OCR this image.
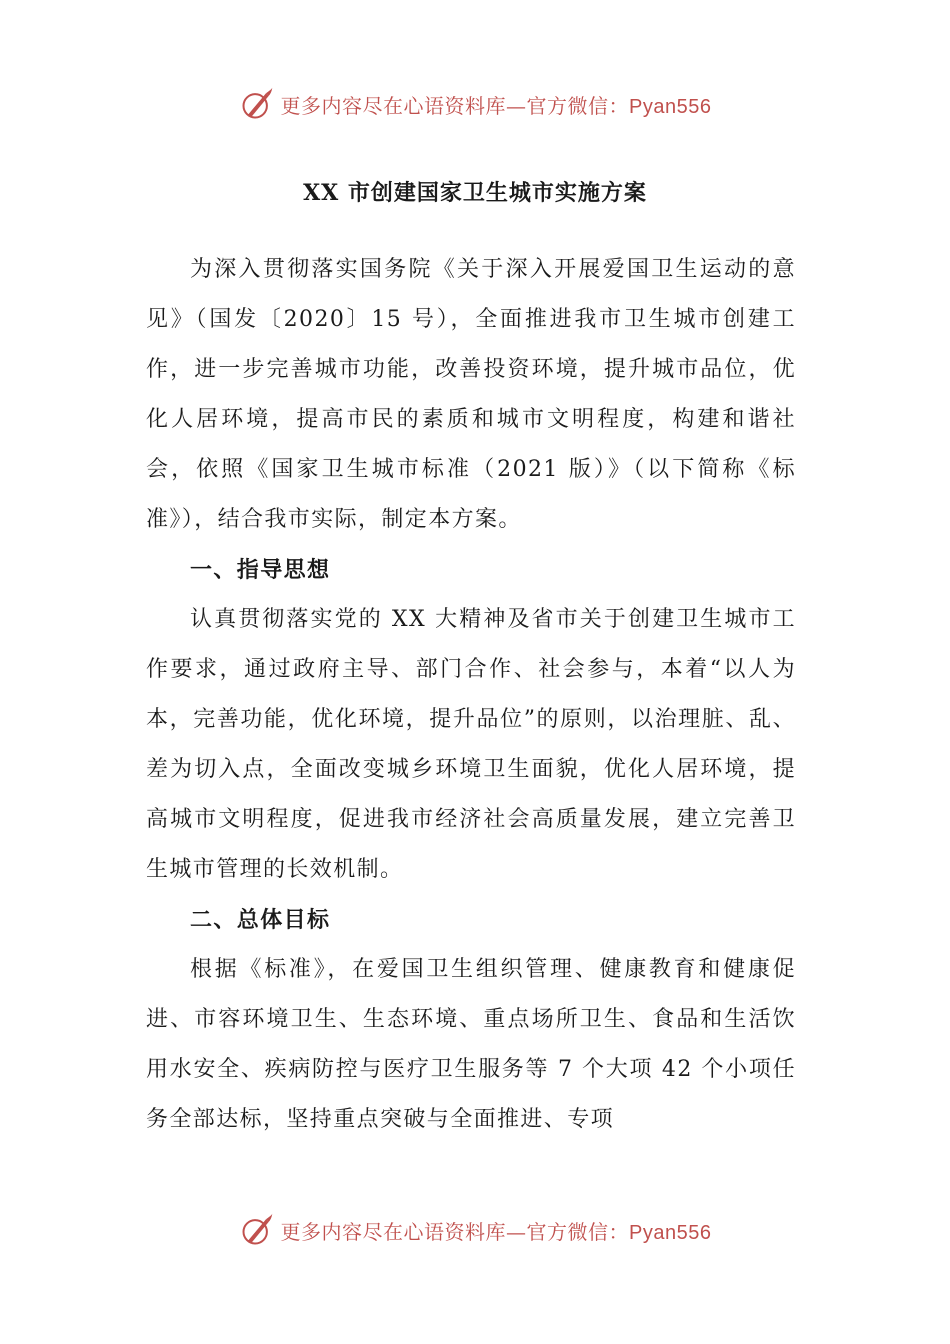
更多内容尽在心语资料库—官方微信：Pyan556
XX 市创建国家卫生城市实施方案

为深入贯彻落实国务院《关于深入开展爱国卫生运动的意见》（国发〔2020〕15 号），全面推进我市卫生城市创建工作，进一步完善城市功能，改善投资环境，提升城市品位，优化人居环境，提高市民的素质和城市文明程度，构建和谐社会，依照《国家卫生城市标准（2021 版）》（以下简称《标准》），结合我市实际，制定本方案。

一、指导思想

认真贯彻落实党的 XX 大精神及省市关于创建卫生城市工作要求，通过政府主导、部门合作、社会参与，本着“以人为本，完善功能，优化环境，提升品位”的原则，以治理脏、乱、差为切入点，全面改变城乡环境卫生面貌，优化人居环境，提高城市文明程度，促进我市经济社会高质量发展，建立完善卫生城市管理的长效机制。

二、总体目标

根据《标准》，在爱国卫生组织管理、健康教育和健康促进、市容环境卫生、生态环境、重点场所卫生、食品和生活饮用水安全、疾病防控与医疗卫生服务等 7 个大项 42 个小项任务全部达标，坚持重点突破与全面推进、专项

更多内容尽在心语资料库—官方微信：Pyan556
